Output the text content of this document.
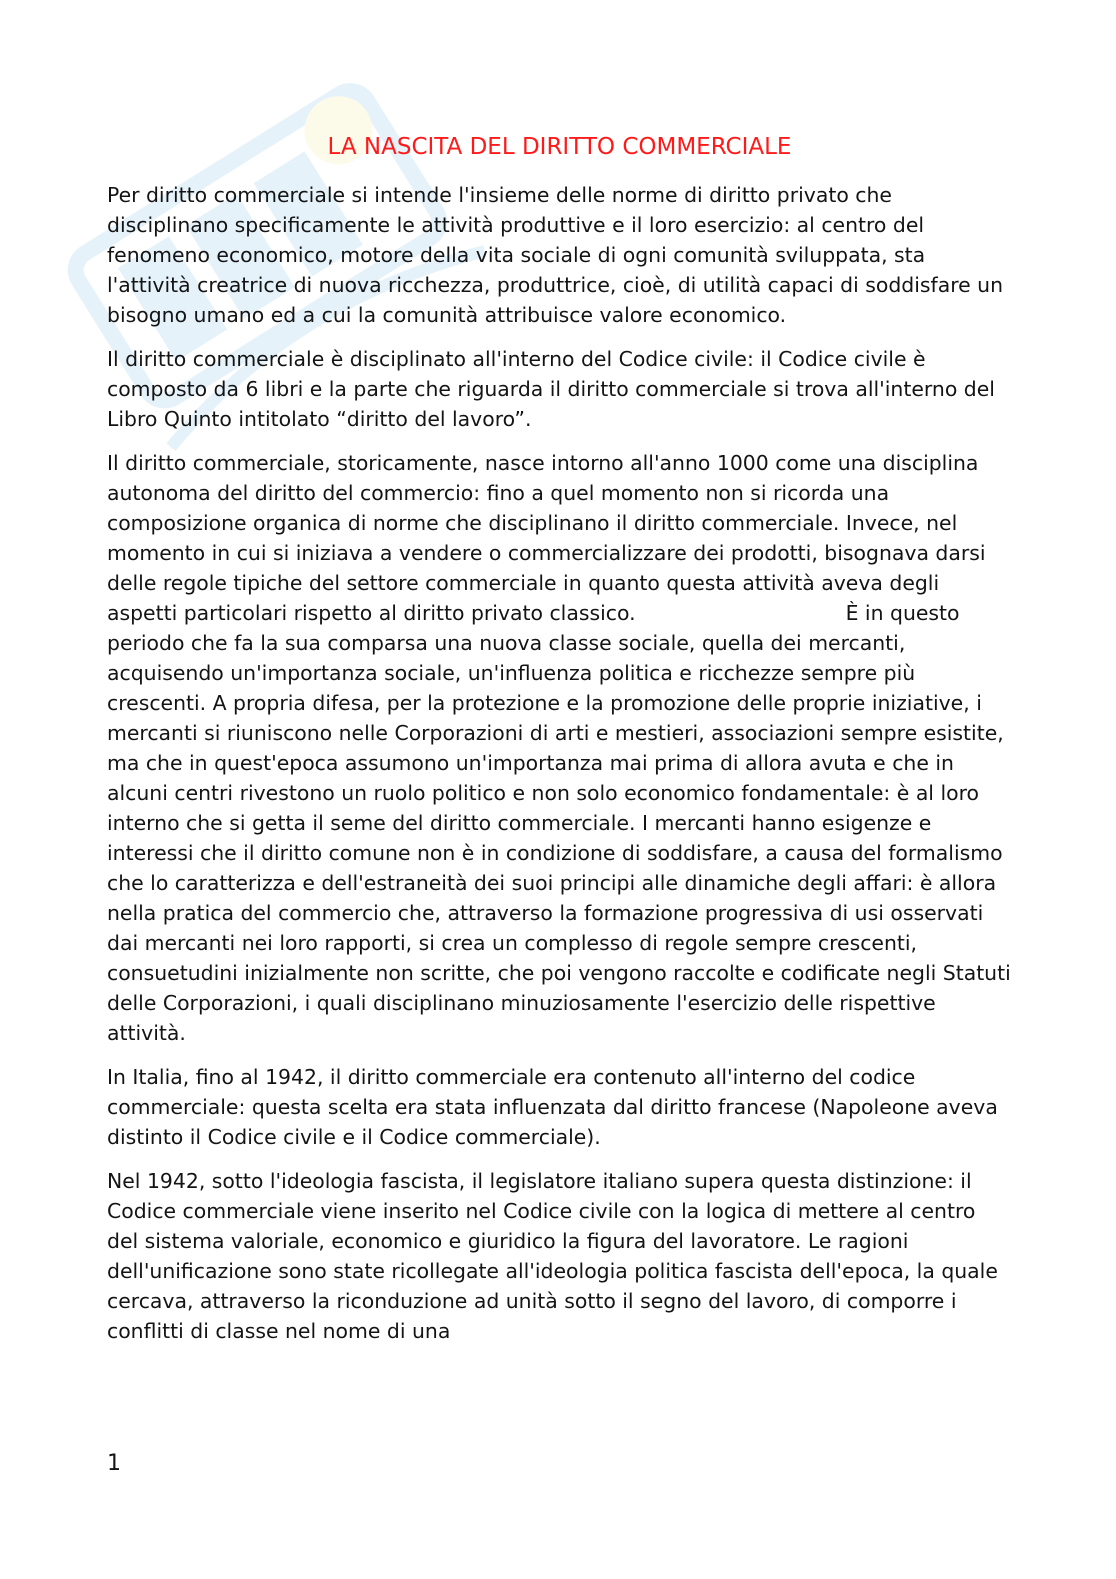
LA NASCITA DEL DIRITTO COMMERCIALE

Per diritto commerciale si intende l'insieme delle norme di diritto privato che disciplinano specificamente le attività produttive e il loro esercizio: al centro del fenomeno economico, motore della vita sociale di ogni comunità sviluppata, sta l'attività creatrice di nuova ricchezza, produttrice, cioè, di utilità capaci di soddisfare un bisogno umano ed a cui la comunità attribuisce valore economico.

Il diritto commerciale è disciplinato all'interno del Codice civile: il Codice civile è composto da 6 libri e la parte che riguarda il diritto commerciale si trova all'interno del Libro Quinto intitolato “diritto del lavoro”.

Il diritto commerciale, storicamente, nasce intorno all'anno 1000 come una disciplina autonoma del diritto del commercio: fino a quel momento non si ricorda una composizione organica di norme che disciplinano il diritto commerciale. Invece, nel momento in cui si iniziava a vendere o commercializzare dei prodotti, bisognava darsi delle regole tipiche del settore commerciale in quanto questa attività aveva degli aspetti particolari rispetto al diritto privato classico.	È in questo periodo che fa la sua comparsa una nuova classe sociale, quella dei mercanti, acquisendo un'importanza sociale, un'influenza politica e ricchezze sempre più crescenti. A propria difesa, per la protezione e la promozione delle proprie iniziative, i mercanti si riuniscono nelle Corporazioni di arti e mestieri, associazioni sempre esistite, ma che in quest'epoca assumono un'importanza mai prima di allora avuta e che in alcuni centri rivestono un ruolo politico e non solo economico fondamentale: è al loro interno che si getta il seme del diritto commerciale. I mercanti hanno esigenze e interessi che il diritto comune non è in condizione di soddisfare, a causa del formalismo che lo caratterizza e dell'estraneità dei suoi principi alle dinamiche degli affari: è allora nella pratica del commercio che, attraverso la formazione progressiva di usi osservati dai mercanti nei loro rapporti, si crea un complesso di regole sempre crescenti, consuetudini inizialmente non scritte, che poi vengono raccolte e codificate negli Statuti delle Corporazioni, i quali disciplinano minuziosamente l'esercizio delle rispettive attività.

In Italia, fino al 1942, il diritto commerciale era contenuto all'interno del codice commerciale: questa scelta era stata influenzata dal diritto francese (Napoleone aveva distinto il Codice civile e il Codice commerciale).

Nel 1942, sotto l'ideologia fascista, il legislatore italiano supera questa distinzione: il Codice commerciale viene inserito nel Codice civile con la logica di mettere al centro del sistema valoriale, economico e giuridico la figura del lavoratore. Le ragioni dell'unificazione sono state ricollegate all'ideologia politica fascista dell'epoca, la quale cercava, attraverso la riconduzione ad unità sotto il segno del lavoro, di comporre i conflitti di classe nel nome di una

1
